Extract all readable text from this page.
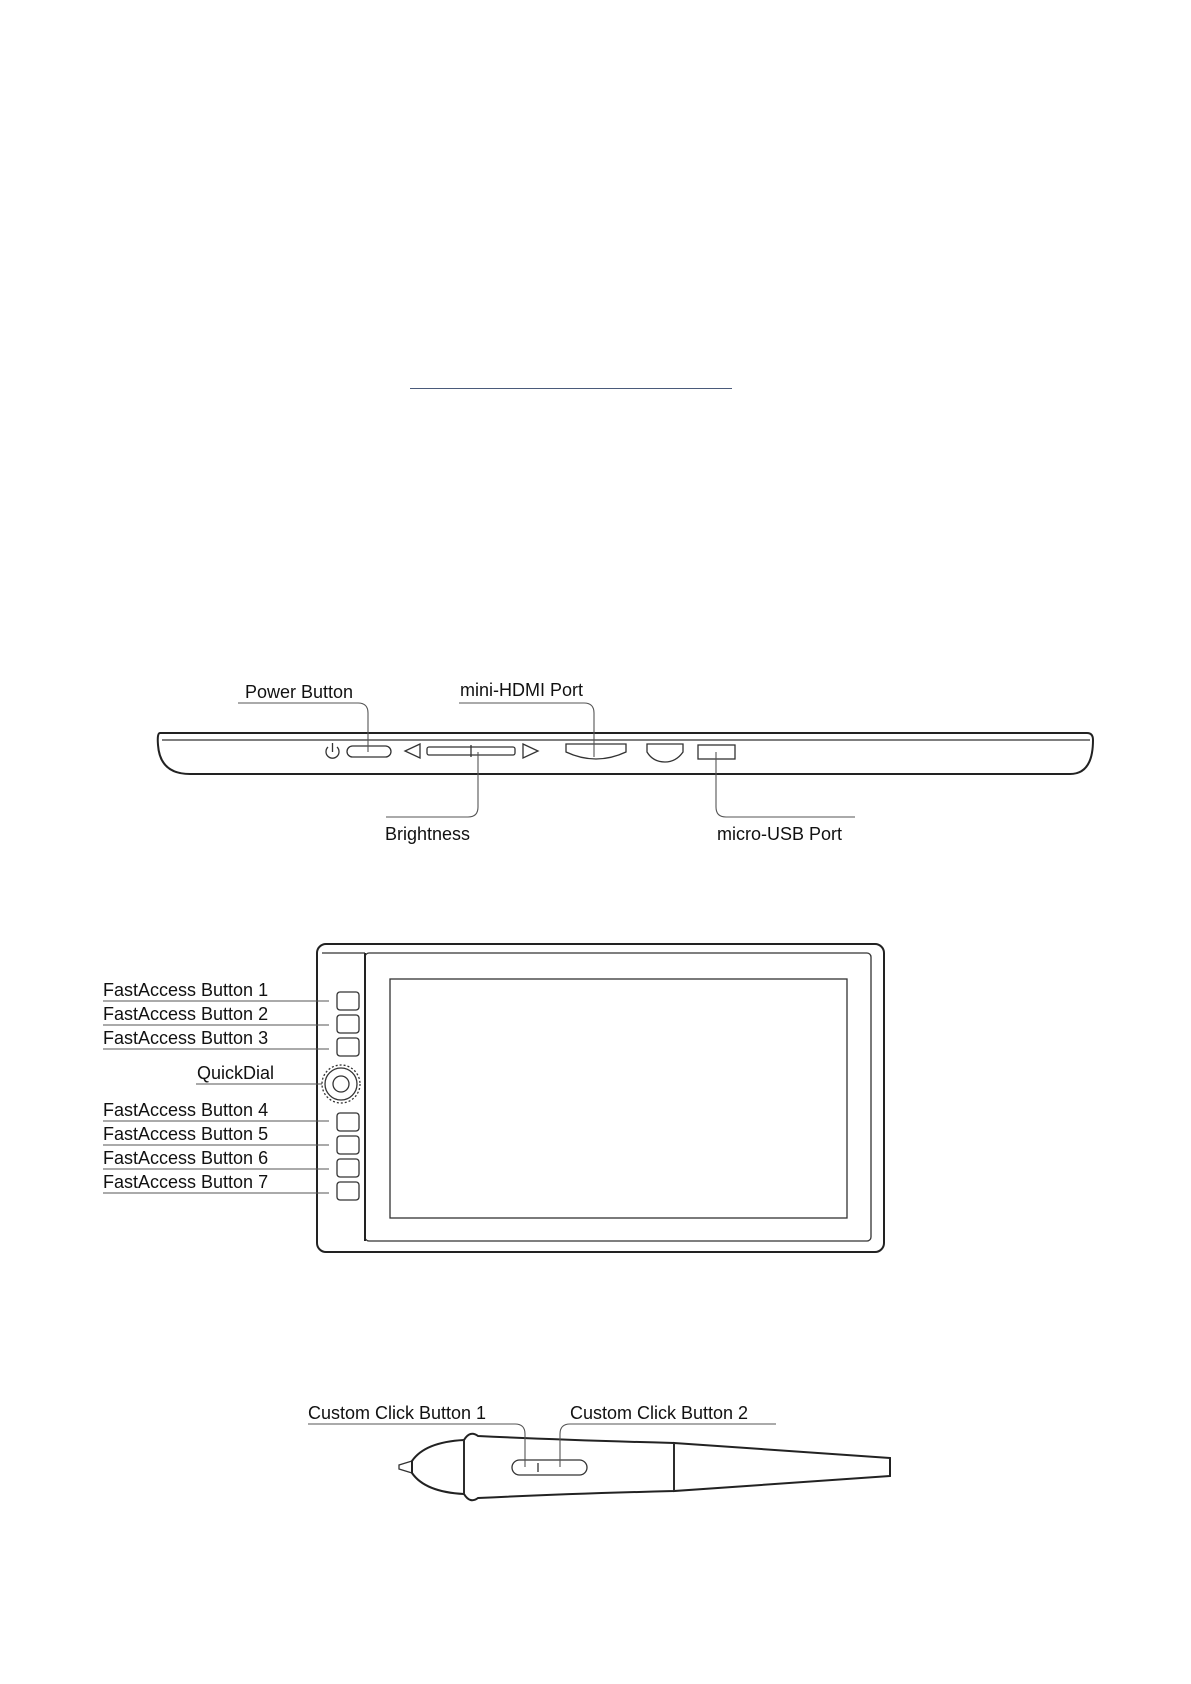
Power Button	mini-HDMI Port
Brightness	micro-USB Port
FastAccess Button 1
FastAccess Button 2
FastAccess Button 3
QuickDial
FastAccess Button 4
FastAccess Button 5
FastAccess Button 6
FastAccess Button 7
Custom Click Button 1	Custom Click Button 2
